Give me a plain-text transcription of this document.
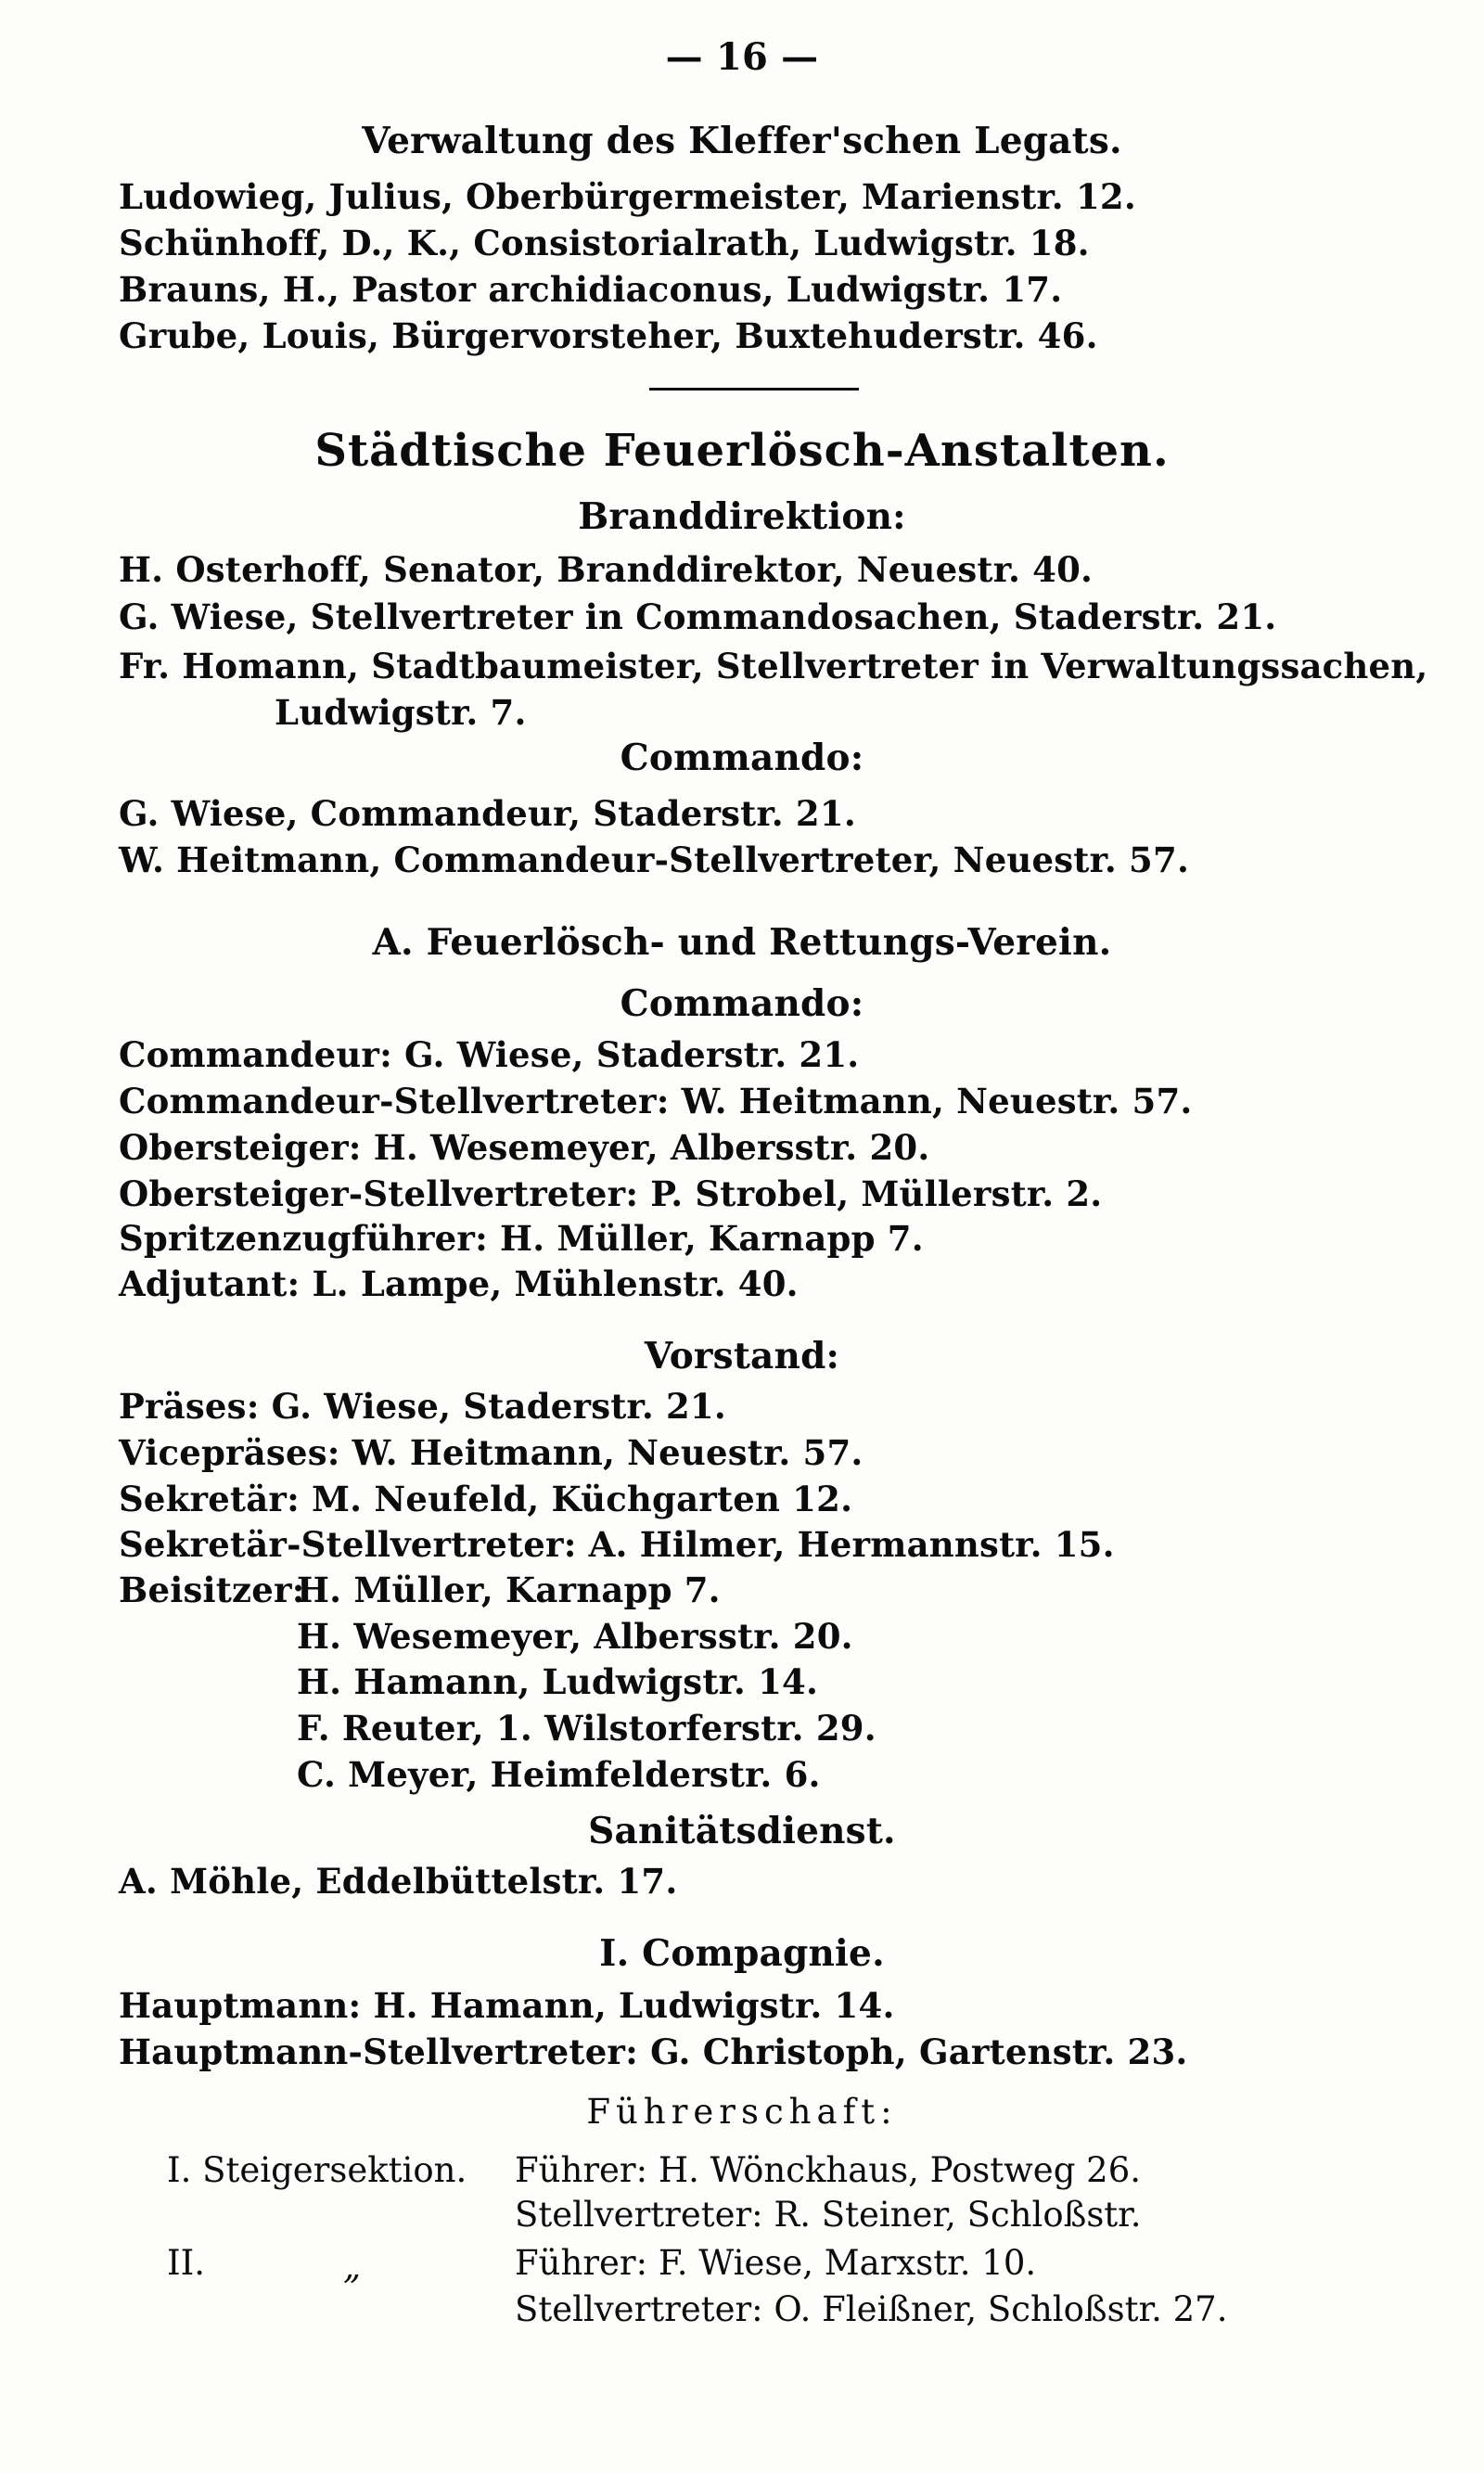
— 16 —
Verwaltung des Kleffer'schen Legats.
Ludowieg, Julius, Oberbürgermeister, Marienstr. 12.
Schünhoff, D., K., Consistorialrath, Ludwigstr. 18.
Brauns, H., Pastor archidiaconus, Ludwigstr. 17.
Grube, Louis, Bürgervorsteher, Buxtehuderstr. 46.
Städtische Feuerlösch-Anstalten.
Branddirektion:
H. Osterhoff, Senator, Branddirektor, Neuestr. 40.
G. Wiese, Stellvertreter in Commandosachen, Staderstr. 21.
Fr. Homann, Stadtbaumeister, Stellvertreter in Verwaltungssachen,
Ludwigstr. 7.
Commando:
G. Wiese, Commandeur, Staderstr. 21.
W. Heitmann, Commandeur-Stellvertreter, Neuestr. 57.
A. Feuerlösch- und Rettungs-Verein.
Commando:
Commandeur: G. Wiese, Staderstr. 21.
Commandeur-Stellvertreter: W. Heitmann, Neuestr. 57.
Obersteiger: H. Wesemeyer, Albersstr. 20.
Obersteiger-Stellvertreter: P. Strobel, Müllerstr. 2.
Spritzenzugführer: H. Müller, Karnapp 7.
Adjutant: L. Lampe, Mühlenstr. 40.
Vorstand:
Präses: G. Wiese, Staderstr. 21.
Vicepräses: W. Heitmann, Neuestr. 57.
Sekretär: M. Neufeld, Küchgarten 12.
Sekretär-Stellvertreter: A. Hilmer, Hermannstr. 15.
Beisitzer:
H. Müller, Karnapp 7.
H. Wesemeyer, Albersstr. 20.
H. Hamann, Ludwigstr. 14.
F. Reuter, 1. Wilstorferstr. 29.
C. Meyer, Heimfelderstr. 6.
Sanitätsdienst.
A. Möhle, Eddelbüttelstr. 17.
I. Compagnie.
Hauptmann: H. Hamann, Ludwigstr. 14.
Hauptmann-Stellvertreter: G. Christoph, Gartenstr. 23.
Führerschaft:
I. Steigersektion. Führer: H. Wönckhaus, Postweg 26.
Stellvertreter: R. Steiner, Schloßstr.
II.	„	Führer: F. Wiese, Marxstr. 10.
Stellvertreter: O. Fleißner, Schloßstr. 27.
